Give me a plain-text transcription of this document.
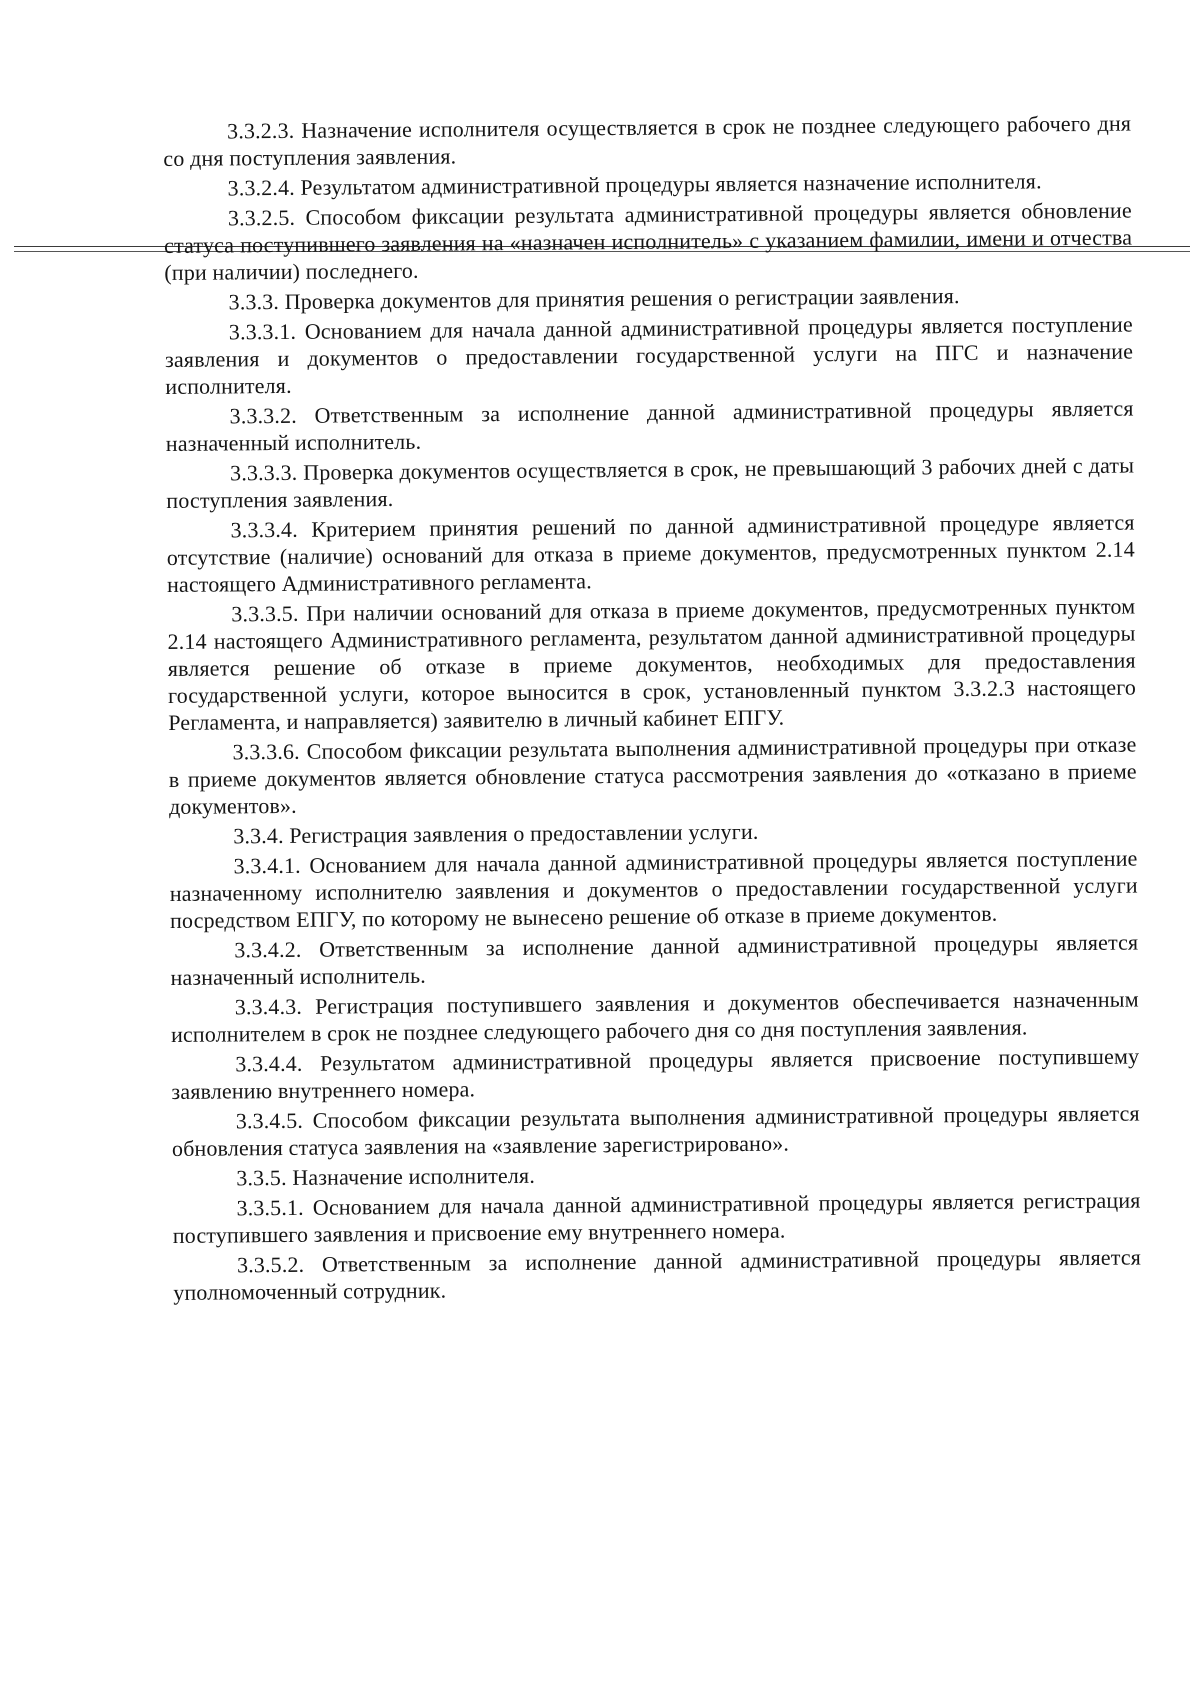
3.3.2.3. Назначение исполнителя осуществляется в срок не позднее следующего рабочего дня со дня поступления заявления.

3.3.2.4. Результатом административной процедуры является назначение исполнителя.

3.3.2.5. Способом фиксации результата административной процедуры является обновление статуса поступившего заявления на «назначен исполнитель» с указанием фамилии, имени и отчества (при наличии) последнего.

3.3.3. Проверка документов для принятия решения о регистрации заявления.

3.3.3.1. Основанием для начала данной административной процедуры является поступление заявления и документов о предоставлении государственной услуги на ПГС и назначение исполнителя.

3.3.3.2. Ответственным за исполнение данной административной процедуры является назначенный исполнитель.

3.3.3.3. Проверка документов осуществляется в срок, не превышающий 3 рабочих дней с даты поступления заявления.

3.3.3.4. Критерием принятия решений по данной административной процедуре является отсутствие (наличие) оснований для отказа в приеме документов, предусмотренных пунктом 2.14 настоящего Административного регламента.

3.3.3.5. При наличии оснований для отказа в приеме документов, предусмотренных пунктом 2.14 настоящего Административного регламента, результатом данной административной процедуры является решение об отказе в приеме документов, необходимых для предоставления государственной услуги, которое выносится в срок, установленный пунктом 3.3.2.3 настоящего Регламента, и направляется) заявителю в личный кабинет ЕПГУ.

3.3.3.6. Способом фиксации результата выполнения административной процедуры при отказе в приеме документов является обновление статуса рассмотрения заявления до «отказано в приеме документов».

3.3.4. Регистрация заявления о предоставлении услуги.

3.3.4.1. Основанием для начала данной административной процедуры является поступление назначенному исполнителю заявления и документов о предоставлении государственной услуги посредством ЕПГУ, по которому не вынесено решение об отказе в приеме документов.

3.3.4.2. Ответственным за исполнение данной административной процедуры является назначенный исполнитель.

3.3.4.3. Регистрация поступившего заявления и документов обеспечивается назначенным исполнителем в срок не позднее следующего рабочего дня со дня поступления заявления.

3.3.4.4. Результатом административной процедуры является присвоение поступившему заявлению внутреннего номера.

3.3.4.5. Способом фиксации результата выполнения административной процедуры является обновления статуса заявления на «заявление зарегистрировано».

3.3.5. Назначение исполнителя.

3.3.5.1. Основанием для начала данной административной процедуры является регистрация поступившего заявления и присвоение ему внутреннего номера.

3.3.5.2. Ответственным за исполнение данной административной процедуры является уполномоченный сотрудник.
